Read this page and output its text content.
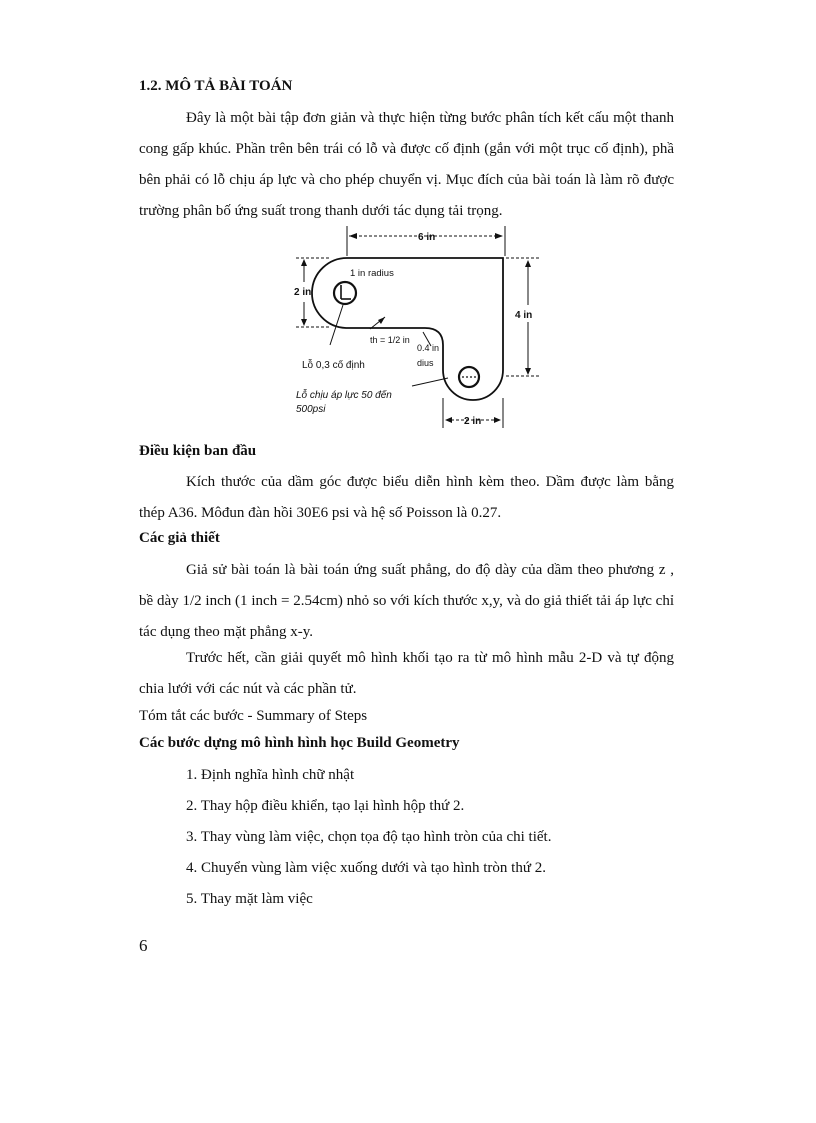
1.2. MÔ TẢ BÀI TOÁN
Đây là một bài tập đơn giản và thực hiện từng bước phân tích kết cấu một thanh cong gấp khúc. Phần trên bên trái có lỗ và được cố định (gắn với một trục cố định), phầ bên phải có lỗ chịu áp lực và cho phép chuyển vị. Mục đích của bài toán là làm rõ được trường phân bố ứng suất trong thanh dưới tác dụng tải trọng.
6 in
2 in
4 in
2 in
1 in radius
th = 1/2 in
0.4 in
dius
Lỗ 0,3 cố định
Lỗ chịu áp lực 50 đến
500psi
Điều kiện ban đầu
Kích thước của dầm góc được biểu diễn hình kèm theo. Dầm được làm bằng thép A36. Môđun đàn hồi 30E6 psi và hệ số Poisson là 0.27.
Các giả thiết
Giả sử bài toán là bài toán ứng suất phẳng, do độ dày của dầm theo phương z , bề dày 1/2 inch (1 inch = 2.54cm) nhỏ so với kích thước x,y, và do giả thiết tải áp lực chỉ tác dụng theo mặt phẳng x-y.
Trước hết, cần giải quyết mô hình khối tạo ra từ mô hình mẫu 2-D và tự động chia lưới với các nút và các phần tử.
Tóm tắt các bước - Summary of Steps
Các bước dựng mô hình hình học Build Geometry
1. Định nghĩa hình chữ nhật
2. Thay hộp điều khiển, tạo lại hình hộp thứ 2.
3. Thay vùng làm việc, chọn tọa độ tạo hình tròn của chi tiết.
4. Chuyển vùng làm việc xuống dưới và tạo hình tròn thứ 2.
5. Thay mặt làm việc
6
